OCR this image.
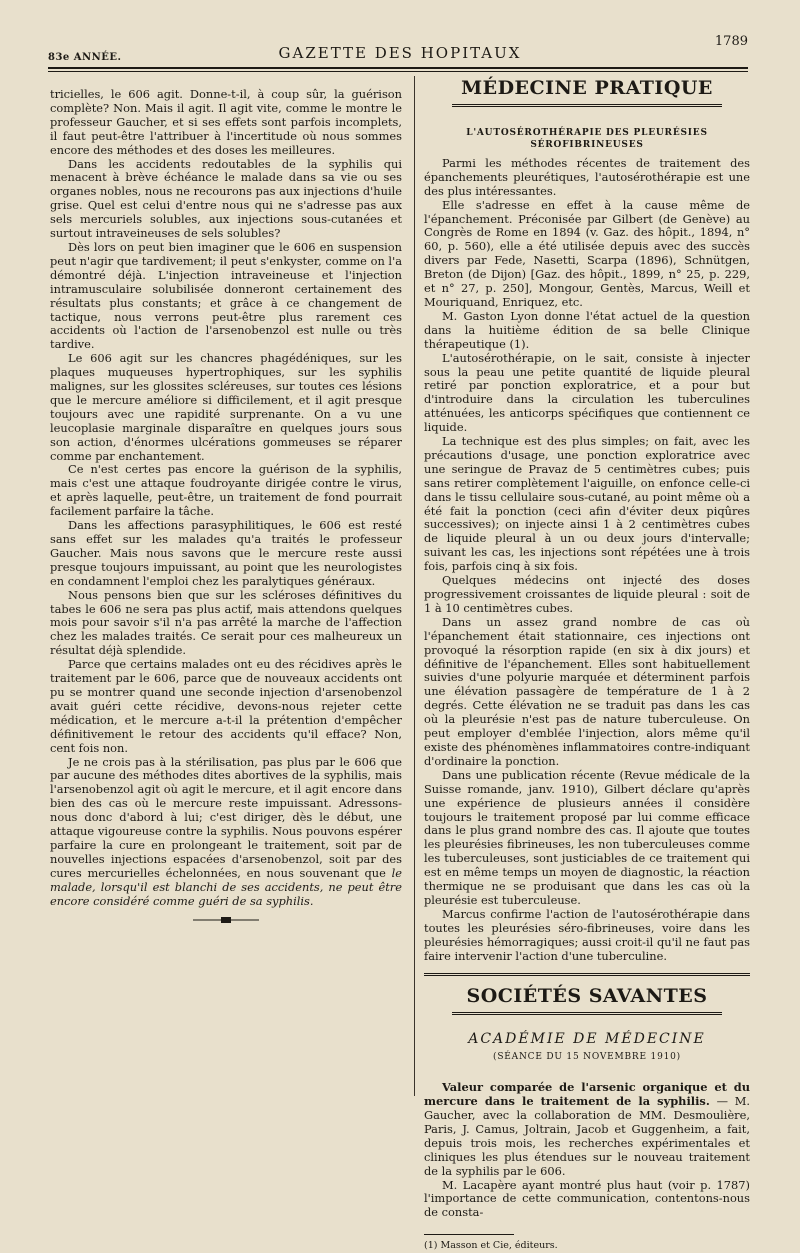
83e ANNÉE.	GAZETTE DES HOPITAUX
1789

tricielles, le 606 agit. Donne-t-il, à coup sûr, la guérison complète? Non. Mais il agit. Il agit vite, comme le montre le professeur Gaucher, et si ses effets sont parfois incomplets, il faut peut-être l'attribuer à l'incertitude où nous sommes encore des méthodes et des doses les meilleures.

Dans les accidents redoutables de la syphilis qui menacent à brève échéance le malade dans sa vie ou ses organes nobles, nous ne recourons pas aux injections d'huile grise. Quel est celui d'entre nous qui ne s'adresse pas aux sels mercuriels solubles, aux injections sous-cutanées et surtout intraveineuses de sels solubles?

Dès lors on peut bien imaginer que le 606 en suspension peut n'agir que tardivement; il peut s'enkyster, comme on l'a démontré déjà. L'injection intraveineuse et l'injection intramusculaire solubilisée donneront certainement des résultats plus constants; et grâce à ce changement de tactique, nous verrons peut-être plus rarement ces accidents où l'action de l'arsenobenzol est nulle ou très tardive.

Le 606 agit sur les chancres phagédéniques, sur les plaques muqueuses hypertrophiques, sur les syphilis malignes, sur les glossites scléreuses, sur toutes ces lésions que le mercure améliore si difficilement, et il agit presque toujours avec une rapidité surprenante. On a vu une leucoplasie marginale disparaître en quelques jours sous son action, d'énormes ulcérations gommeuses se réparer comme par enchantement.

Ce n'est certes pas encore la guérison de la syphilis, mais c'est une attaque foudroyante dirigée contre le virus, et après laquelle, peut-être, un traitement de fond pourrait facilement parfaire la tâche.

Dans les affections parasyphilitiques, le 606 est resté sans effet sur les malades qu'a traités le professeur Gaucher. Mais nous savons que le mercure reste aussi presque toujours impuissant, au point que les neurologistes en condamnent l'emploi chez les paralytiques généraux.

Nous pensons bien que sur les scléroses définitives du tabes le 606 ne sera pas plus actif, mais attendons quelques mois pour savoir s'il n'a pas arrêté la marche de l'affection chez les malades traités. Ce serait pour ces malheureux un résultat déjà splendide.

Parce que certains malades ont eu des récidives après le traitement par le 606, parce que de nouveaux accidents ont pu se montrer quand une seconde injection d'arsenobenzol avait guéri cette récidive, devons-nous rejeter cette médication, et le mercure a-t-il la prétention d'empêcher définitivement le retour des accidents qu'il efface? Non, cent fois non.

Je ne crois pas à la stérilisation, pas plus par le 606 que par aucune des méthodes dites abortives de la syphilis, mais l'arsenobenzol agit où agit le mercure, et il agit encore dans bien des cas où le mercure reste impuissant. Adressons-nous donc d'abord à lui; c'est diriger, dès le début, une attaque vigoureuse contre la syphilis. Nous pouvons espérer parfaire la cure en prolongeant le traitement, soit par de nouvelles injections espacées d'arsenobenzol, soit par des cures mercurielles échelonnées, en nous souvenant que le malade, lorsqu'il est blanchi de ses accidents, ne peut être encore considéré comme guéri de sa syphilis.

MÉDECINE PRATIQUE
L'AUTOSÉROTHÉRAPIE DES PLEURÉSIES SÉROFIBRINEUSES

Parmi les méthodes récentes de traitement des épanchements pleurétiques, l'autosérothérapie est une des plus intéressantes.

Elle s'adresse en effet à la cause même de l'épanchement. Préconisée par Gilbert (de Genève) au Congrès de Rome en 1894 (v. Gaz. des hôpit., 1894, n° 60, p. 560), elle a été utilisée depuis avec des succès divers par Fede, Nasetti, Scarpa (1896), Schnütgen, Breton (de Dijon) [Gaz. des hôpit., 1899, n° 25, p. 229, et n° 27, p. 250], Mongour, Gentès, Marcus, Weill et Mouriquand, Enriquez, etc.

M. Gaston Lyon donne l'état actuel de la question dans la huitième édition de sa belle Clinique thérapeutique (1).

L'autosérothérapie, on le sait, consiste à injecter sous la peau une petite quantité de liquide pleural retiré par ponction exploratrice, et a pour but d'introduire dans la circulation les tuberculines atténuées, les anticorps spécifiques que contiennent ce liquide.

La technique est des plus simples; on fait, avec les précautions d'usage, une ponction exploratrice avec une seringue de Pravaz de 5 centimètres cubes; puis sans retirer complètement l'aiguille, on enfonce celle-ci dans le tissu cellulaire sous-cutané, au point même où a été fait la ponction (ceci afin d'éviter deux piqûres successives); on injecte ainsi 1 à 2 centimètres cubes de liquide pleural à un ou deux jours d'intervalle; suivant les cas, les injections sont répétées une à trois fois, parfois cinq à six fois.

Quelques médecins ont injecté des doses progressivement croissantes de liquide pleural : soit de 1 à 10 centimètres cubes.

Dans un assez grand nombre de cas où l'épanchement était stationnaire, ces injections ont provoqué la résorption rapide (en six à dix jours) et définitive de l'épanchement. Elles sont habituellement suivies d'une polyurie marquée et déterminent parfois une élévation passagère de température de 1 à 2 degrés. Cette élévation ne se traduit pas dans les cas où la pleurésie n'est pas de nature tuberculeuse. On peut employer d'emblée l'injection, alors même qu'il existe des phénomènes inflammatoires contre-indiquant d'ordinaire la ponction.

Dans une publication récente (Revue médicale de la Suisse romande, janv. 1910), Gilbert déclare qu'après une expérience de plusieurs années il considère toujours le traitement proposé par lui comme efficace dans le plus grand nombre des cas. Il ajoute que toutes les pleurésies fibrineuses, les non tuberculeuses comme les tuberculeuses, sont justiciables de ce traitement qui est en même temps un moyen de diagnostic, la réaction thermique ne se produisant que dans les cas où la pleurésie est tuberculeuse.

Marcus confirme l'action de l'autosérothérapie dans toutes les pleurésies séro-fibrineuses, voire dans les pleurésies hémorragiques; aussi croit-il qu'il ne faut pas faire intervenir l'action d'une tuberculine.

SOCIÉTÉS SAVANTES
ACADÉMIE DE MÉDECINE
(SÉANCE DU 15 NOVEMBRE 1910)

Valeur comparée de l'arsenic organique et du mercure dans le traitement de la syphilis. — M. Gaucher, avec la collaboration de MM. Desmoulière, Paris, J. Camus, Joltrain, Jacob et Guggenheim, a fait, depuis trois mois, les recherches expérimentales et cliniques les plus étendues sur le nouveau traitement de la syphilis par le 606.

M. Lacapère ayant montré plus haut (voir p. 1787) l'importance de cette communication, contentons-nous de consta-

(1) Masson et Cie, éditeurs.
